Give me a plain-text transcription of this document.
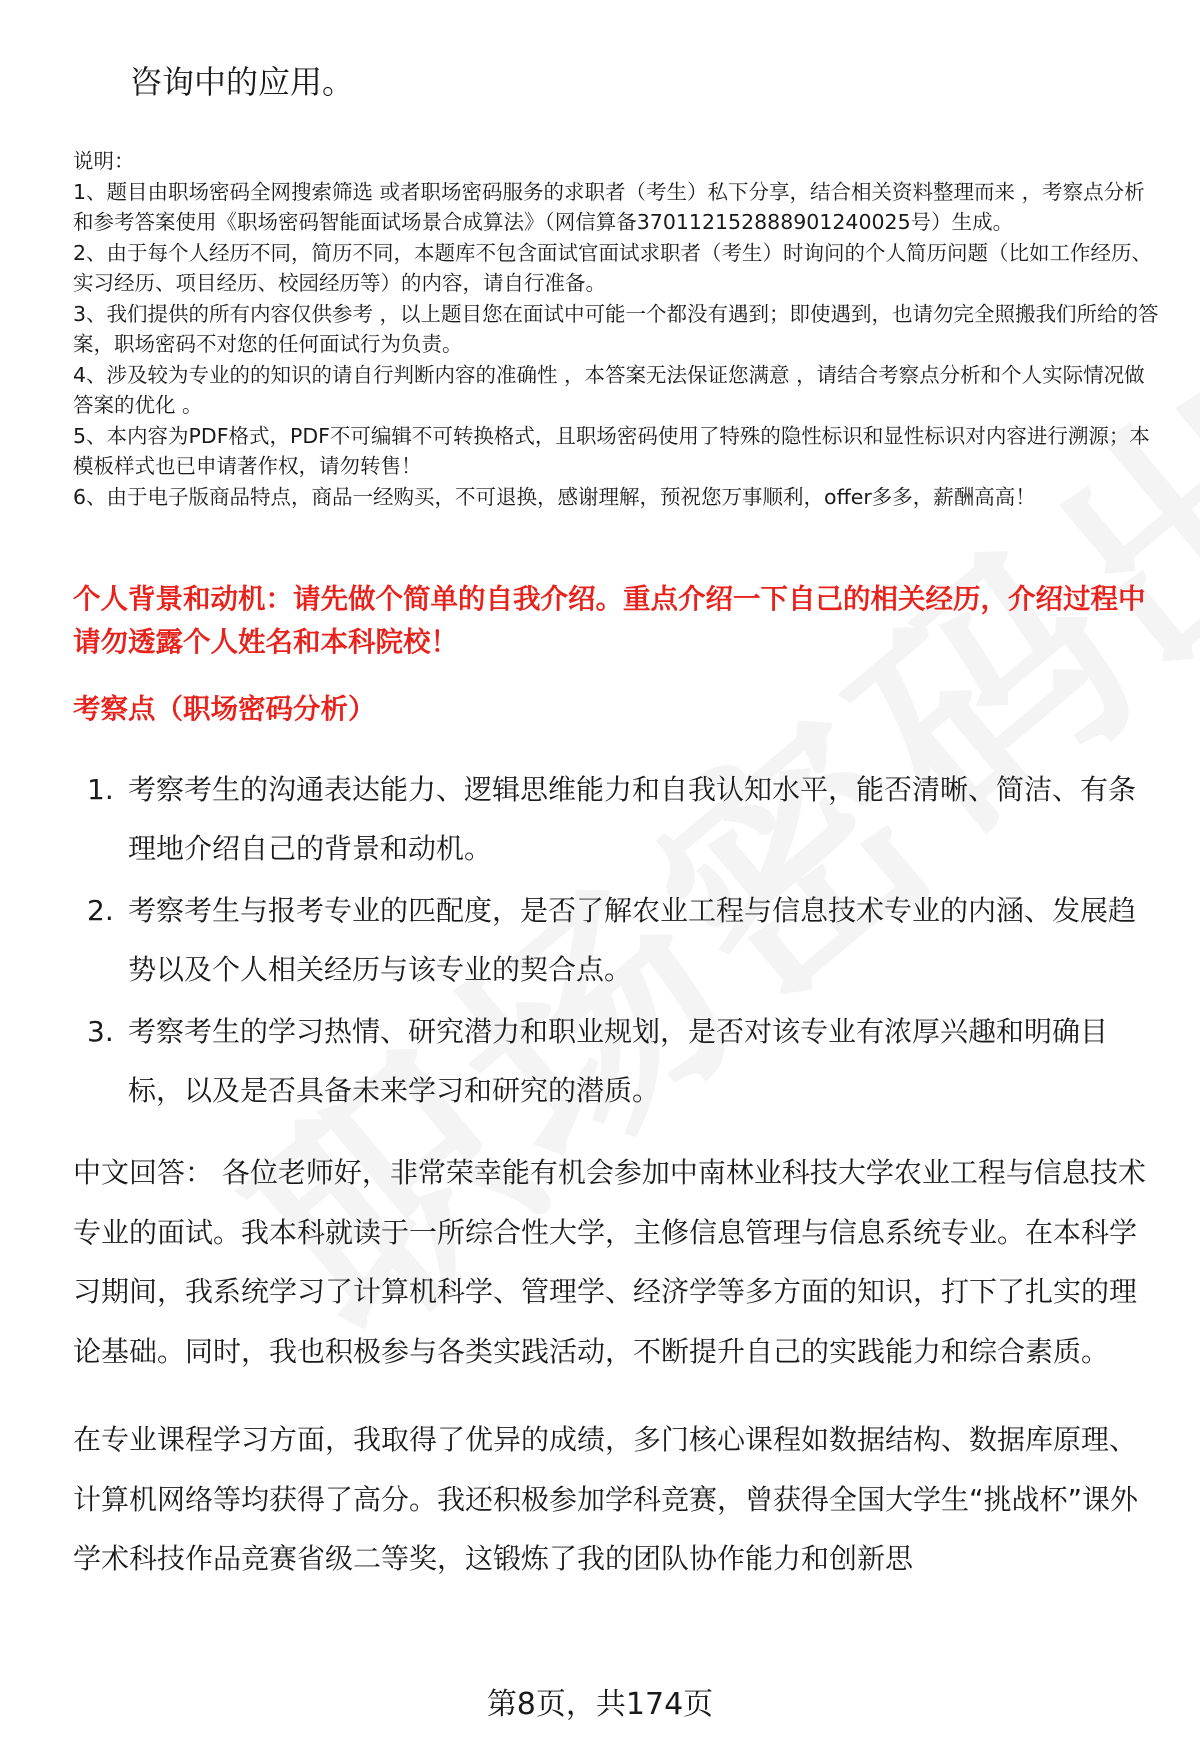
咨询中的应用。

说明：

1、题目由职场密码全网搜索筛选 或者职场密码服务的求职者（考生）私下分享，结合相关资料整理而来 ，考察点分析和参考答案使用《职场密码智能面试场景合成算法》（网信算备370112152888901240025号）生成。

2、由于每个人经历不同，简历不同，本题库不包含面试官面试求职者（考生）时询问的个人简历问题（比如工作经历、实习经历、项目经历、校园经历等）的内容，请自行准备。

3、我们提供的所有内容仅供参考 ，以上题目您在面试中可能一个都没有遇到；即使遇到，也请勿完全照搬我们所给的答案，职场密码不对您的任何面试行为负责。

4、涉及较为专业的的知识的请自行判断内容的准确性 ，本答案无法保证您满意 ，请结合考察点分析和个人实际情况做答案的优化 。

5、本内容为PDF格式，PDF不可编辑不可转换格式，且职场密码使用了特殊的隐性标识和显性标识对内容进行溯源；本模板样式也已申请著作权，请勿转售！

6、由于电子版商品特点，商品一经购买，不可退换，感谢理解，预祝您万事顺利，offer多多，薪酬高高！

个人背景和动机：请先做个简单的自我介绍。重点介绍一下自己的相关经历，介绍过程中请勿透露个人姓名和本科院校！
考察点（职场密码分析）
1. 考察考生的沟通表达能力、逻辑思维能力和自我认知水平，能否清晰、简洁、有条理地介绍自己的背景和动机。
2. 考察考生与报考专业的匹配度，是否了解农业工程与信息技术专业的内涵、发展趋势以及个人相关经历与该专业的契合点。
3. 考察考生的学习热情、研究潜力和职业规划，是否对该专业有浓厚兴趣和明确目标，以及是否具备未来学习和研究的潜质。

中文回答： 各位老师好，非常荣幸能有机会参加中南林业科技大学农业工程与信息技术专业的面试。我本科就读于一所综合性大学，主修信息管理与信息系统专业。在本科学习期间，我系统学习了计算机科学、管理学、经济学等多方面的知识，打下了扎实的理论基础。同时，我也积极参与各类实践活动，不断提升自己的实践能力和综合素质。

在专业课程学习方面，我取得了优异的成绩，多门核心课程如数据结构、数据库原理、计算机网络等均获得了高分。我还积极参加学科竞赛，曾获得全国大学生“挑战杯”课外学术科技作品竞赛省级二等奖，这锻炼了我的团队协作能力和创新思

第8页，共174页
